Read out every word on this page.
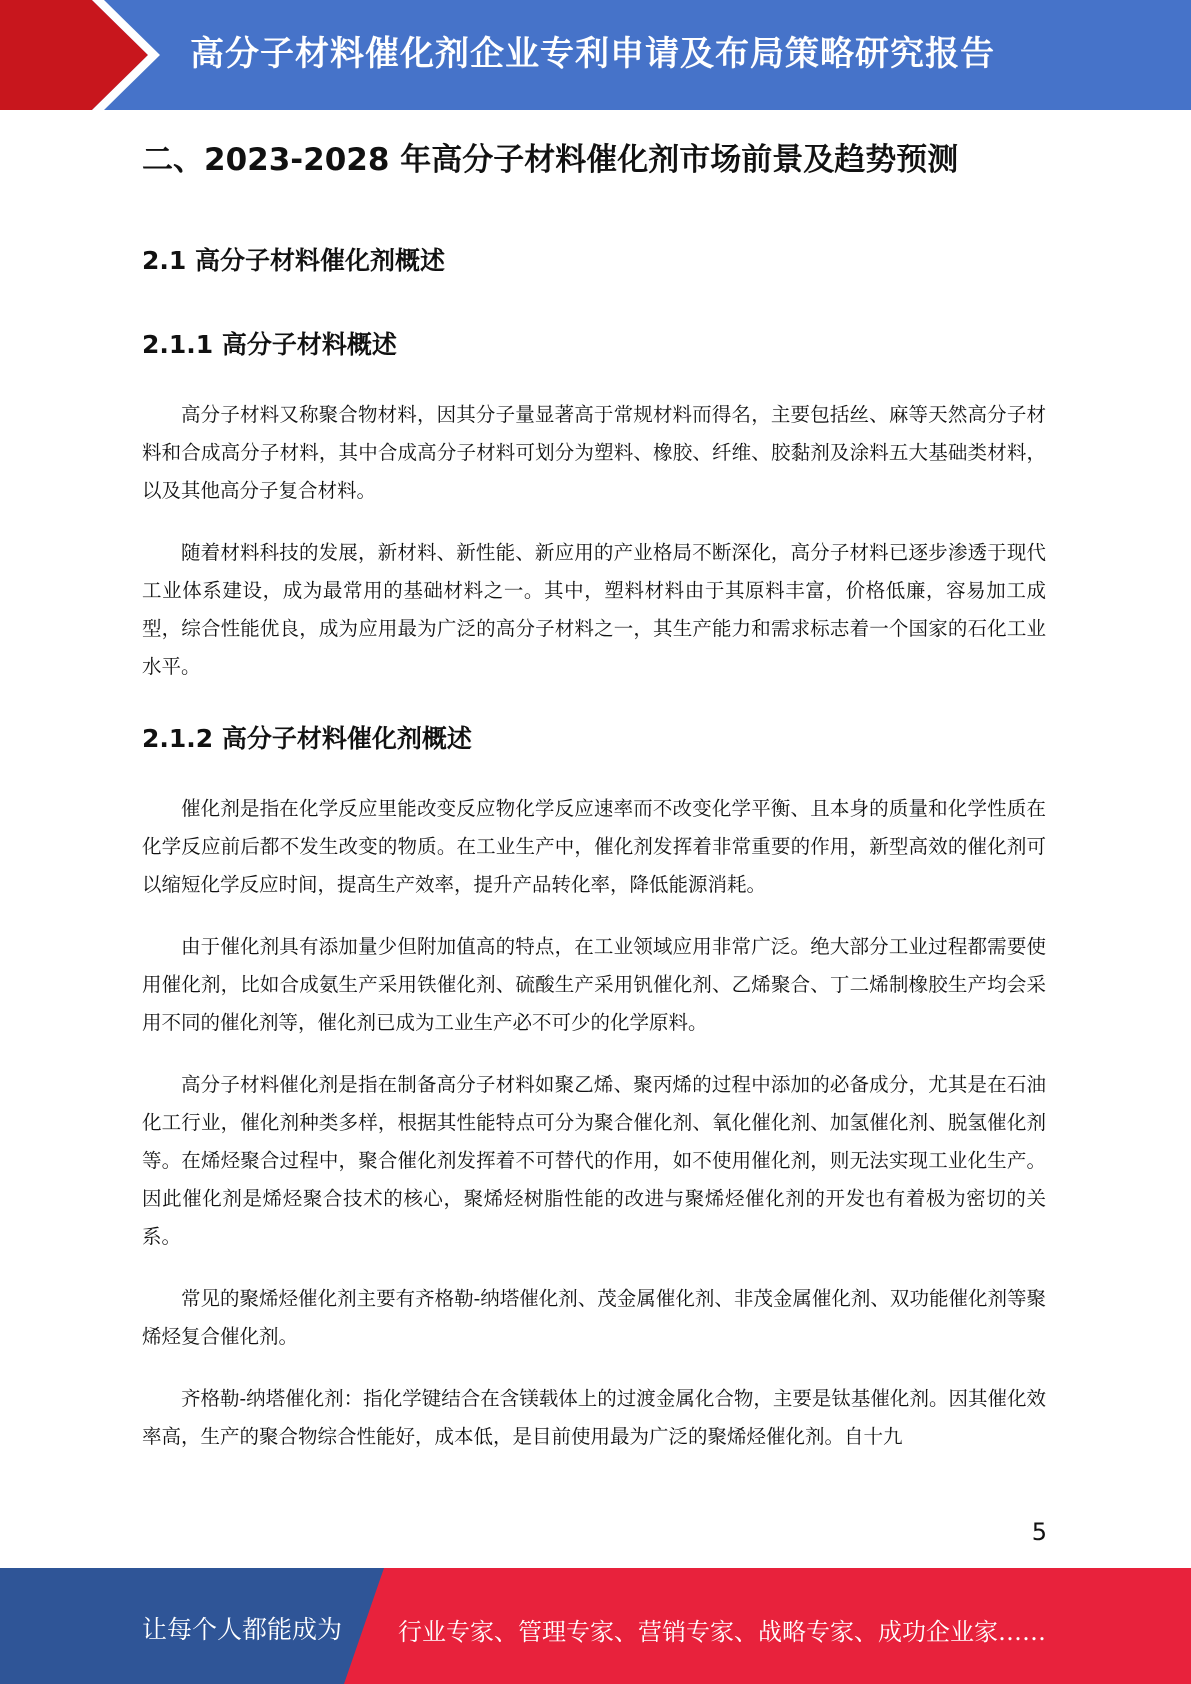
高分子材料催化剂企业专利申请及布局策略研究报告
二、2023-2028 年高分子材料催化剂市场前景及趋势预测
2.1 高分子材料催化剂概述
2.1.1 高分子材料概述

高分子材料又称聚合物材料，因其分子量显著高于常规材料而得名，主要包括丝、麻等天然高分子材料和合成高分子材料，其中合成高分子材料可划分为塑料、橡胶、纤维、胶黏剂及涂料五大基础类材料，以及其他高分子复合材料。

随着材料科技的发展，新材料、新性能、新应用的产业格局不断深化，高分子材料已逐步渗透于现代工业体系建设，成为最常用的基础材料之一。其中，塑料材料由于其原料丰富，价格低廉，容易加工成型，综合性能优良，成为应用最为广泛的高分子材料之一，其生产能力和需求标志着一个国家的石化工业水平。

2.1.2 高分子材料催化剂概述

催化剂是指在化学反应里能改变反应物化学反应速率而不改变化学平衡、且本身的质量和化学性质在化学反应前后都不发生改变的物质。在工业生产中，催化剂发挥着非常重要的作用，新型高效的催化剂可以缩短化学反应时间，提高生产效率，提升产品转化率，降低能源消耗。

由于催化剂具有添加量少但附加值高的特点，在工业领域应用非常广泛。绝大部分工业过程都需要使用催化剂，比如合成氨生产采用铁催化剂、硫酸生产采用钒催化剂、乙烯聚合、丁二烯制橡胶生产均会采用不同的催化剂等，催化剂已成为工业生产必不可少的化学原料。

高分子材料催化剂是指在制备高分子材料如聚乙烯、聚丙烯的过程中添加的必备成分，尤其是在石油化工行业，催化剂种类多样，根据其性能特点可分为聚合催化剂、氧化催化剂、加氢催化剂、脱氢催化剂等。在烯烃聚合过程中，聚合催化剂发挥着不可替代的作用，如不使用催化剂，则无法实现工业化生产。因此催化剂是烯烃聚合技术的核心，聚烯烃树脂性能的改进与聚烯烃催化剂的开发也有着极为密切的关系。

常见的聚烯烃催化剂主要有齐格勒-纳塔催化剂、茂金属催化剂、非茂金属催化剂、双功能催化剂等聚烯烃复合催化剂。

齐格勒-纳塔催化剂：指化学键结合在含镁载体上的过渡金属化合物，主要是钛基催化剂。因其催化效率高，生产的聚合物综合性能好，成本低，是目前使用最为广泛的聚烯烃催化剂。自十九

5
让每个人都能成为 行业专家、管理专家、营销专家、战略专家、成功企业家……
